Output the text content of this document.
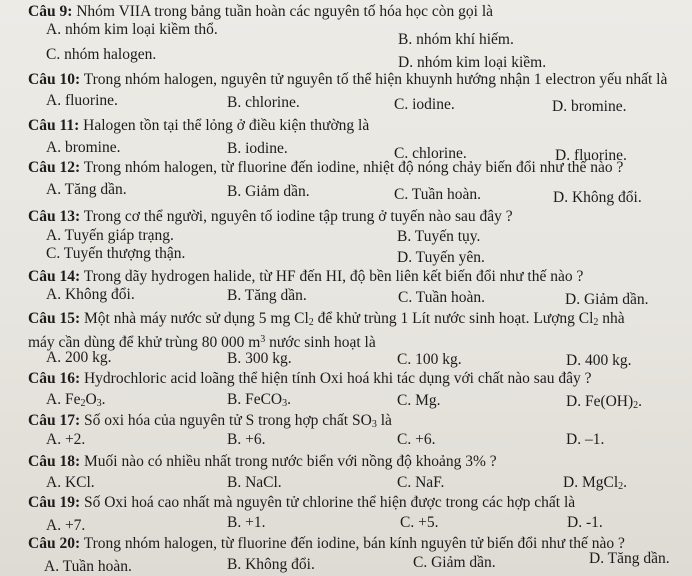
Câu 9: Nhóm VIIA trong bảng tuần hoàn các nguyên tố hóa học còn gọi là
A. nhóm kim loại kiềm thổ.
B. nhóm khí hiếm.
C. nhóm halogen.	D. nhóm kim loại kiềm.
Câu 10: Trong nhóm halogen, nguyên tử nguyên tố thể hiện khuynh hướng nhận 1 electron yếu nhất là
A. fluorine.	B. chlorine.	C. iodine.	D. bromine.
Câu 11: Halogen tồn tại thể lỏng ở điều kiện thường là
A. bromine.	B. iodine.	C. chlorine.	D. fluorine.
Câu 12: Trong nhóm halogen, từ fluorine đến iodine, nhiệt độ nóng chảy biến đổi như thế nào ?
A. Tăng dần.	B. Giảm dần.	C. Tuần hoàn.	D. Không đổi.
Câu 13: Trong cơ thể người, nguyên tố iodine tập trung ở tuyến nào sau đây ?
A. Tuyến giáp trạng.	B. Tuyến tụy.
C. Tuyến thượng thận.	D. Tuyến yên.
Câu 14: Trong dãy hydrogen halide, từ HF đến HI, độ bền liên kết biến đổi như thế nào ?
A. Không đổi.	B. Tăng dần.	C. Tuần hoàn.	D. Giảm dần.
Câu 15: Một nhà máy nước sử dụng 5 mg $Cl_2$ để khử trùng 1 Lít nước sinh hoạt. Lượng $Cl_2$ nhà
máy cần dùng để khử trùng 80 000 $m^3$ nước sinh hoạt là
A. 200 kg.	B. 300 kg.	C. 100 kg.	D. 400 kg.
Câu 16: Hydrochloric acid loãng thể hiện tính Oxi hoá khi tác dụng với chất nào sau đây ?
A. $Fe_2O_3$.	B. FeCO$_3$.	C. Mg.	D. $Fe(OH)_2$.
Câu 17: Số oxi hóa của nguyên tử S trong hợp chất $SO_3$ là
A. +2.	B. +6.	C. +6.	D. –1.
Câu 18: Muối nào có nhiều nhất trong nước biển với nồng độ khoảng 3% ?
A. KCl.	B. NaCl.	C. NaF.	D. MgCl$_2$.
Câu 19: Số Oxi hoá cao nhất mà nguyên tử chlorine thể hiện được trong các hợp chất là
A. +7.	B. +1.	C. +5.	D. -1.
Câu 20: Trong nhóm halogen, từ fluorine đến iodine, bán kính nguyên tử biến đổi như thế nào ?
A. Tuần hoàn.	B. Không đổi.	C. Giảm dần.	D. Tăng dần.
